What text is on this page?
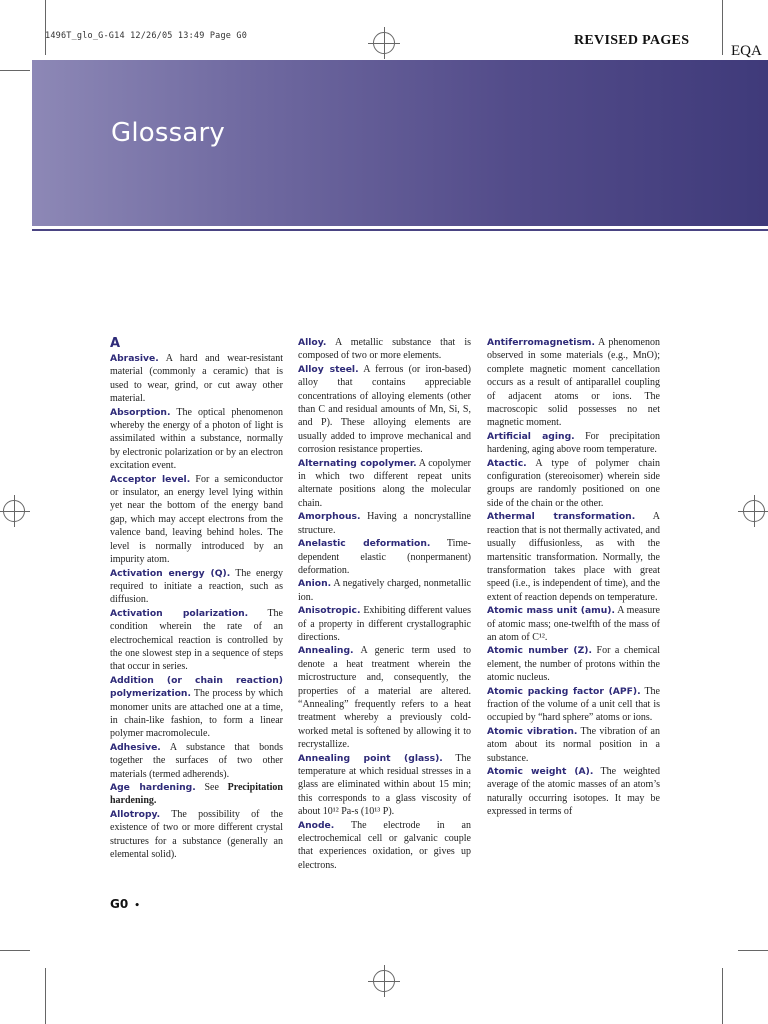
1496T_glo_G-G14 12/26/05 13:49 Page G0	REVISED PAGES
EQA
Glossary
A

Abrasive. A hard and wear-resistant material (commonly a ceramic) that is used to wear, grind, or cut away other material.

Absorption. The optical phenomenon whereby the energy of a photon of light is assimilated within a substance, normally by electronic polarization or by an electron excitation event.

Acceptor level. For a semiconductor or insulator, an energy level lying within yet near the bottom of the energy band gap, which may accept electrons from the valence band, leaving behind holes. The level is normally introduced by an impurity atom.

Activation energy (Q). The energy required to initiate a reaction, such as diffusion.

Activation polarization. The condition wherein the rate of an electrochemical reaction is controlled by the one slowest step in a sequence of steps that occur in series.

Addition (or chain reaction) polymerization. The process by which monomer units are attached one at a time, in chain-like fashion, to form a linear polymer macromolecule.

Adhesive. A substance that bonds together the surfaces of two other materials (termed adherends).

Age hardening. See Precipitation hardening.

Allotropy. The possibility of the existence of two or more different crystal structures for a substance (generally an elemental solid).

Alloy. A metallic substance that is composed of two or more elements.

Alloy steel. A ferrous (or iron-based) alloy that contains appreciable concentrations of alloying elements (other than C and residual amounts of Mn, Si, S, and P). These alloying elements are usually added to improve mechanical and corrosion resistance properties.

Alternating copolymer. A copolymer in which two different repeat units alternate positions along the molecular chain.

Amorphous. Having a noncrystalline structure.

Anelastic deformation. Time-dependent elastic (nonpermanent) deformation.

Anion. A negatively charged, nonmetallic ion.

Anisotropic. Exhibiting different values of a property in different crystallographic directions.

Annealing. A generic term used to denote a heat treatment wherein the microstructure and, consequently, the properties of a material are altered. “Annealing” frequently refers to a heat treatment whereby a previously cold-worked metal is softened by allowing it to recrystallize.

Annealing point (glass). The temperature at which residual stresses in a glass are eliminated within about 15 min; this corresponds to a glass viscosity of about 10¹² Pa-s (10¹³ P).

Anode. The electrode in an electrochemical cell or galvanic couple that experiences oxidation, or gives up electrons.

Antiferromagnetism. A phenomenon observed in some materials (e.g., MnO); complete magnetic moment cancellation occurs as a result of antiparallel coupling of adjacent atoms or ions. The macroscopic solid possesses no net magnetic moment.

Artificial aging. For precipitation hardening, aging above room temperature.

Atactic. A type of polymer chain configuration (stereoisomer) wherein side groups are randomly positioned on one side of the chain or the other.

Athermal transformation. A reaction that is not thermally activated, and usually diffusionless, as with the martensitic transformation. Normally, the transformation takes place with great speed (i.e., is independent of time), and the extent of reaction depends on temperature.

Atomic mass unit (amu). A measure of atomic mass; one-twelfth of the mass of an atom of C¹².

Atomic number (Z). For a chemical element, the number of protons within the atomic nucleus.

Atomic packing factor (APF). The fraction of the volume of a unit cell that is occupied by “hard sphere” atoms or ions.

Atomic vibration. The vibration of an atom about its normal position in a substance.

Atomic weight (A). The weighted average of the atomic masses of an atom’s naturally occurring isotopes. It may be expressed in terms of

G0 •
